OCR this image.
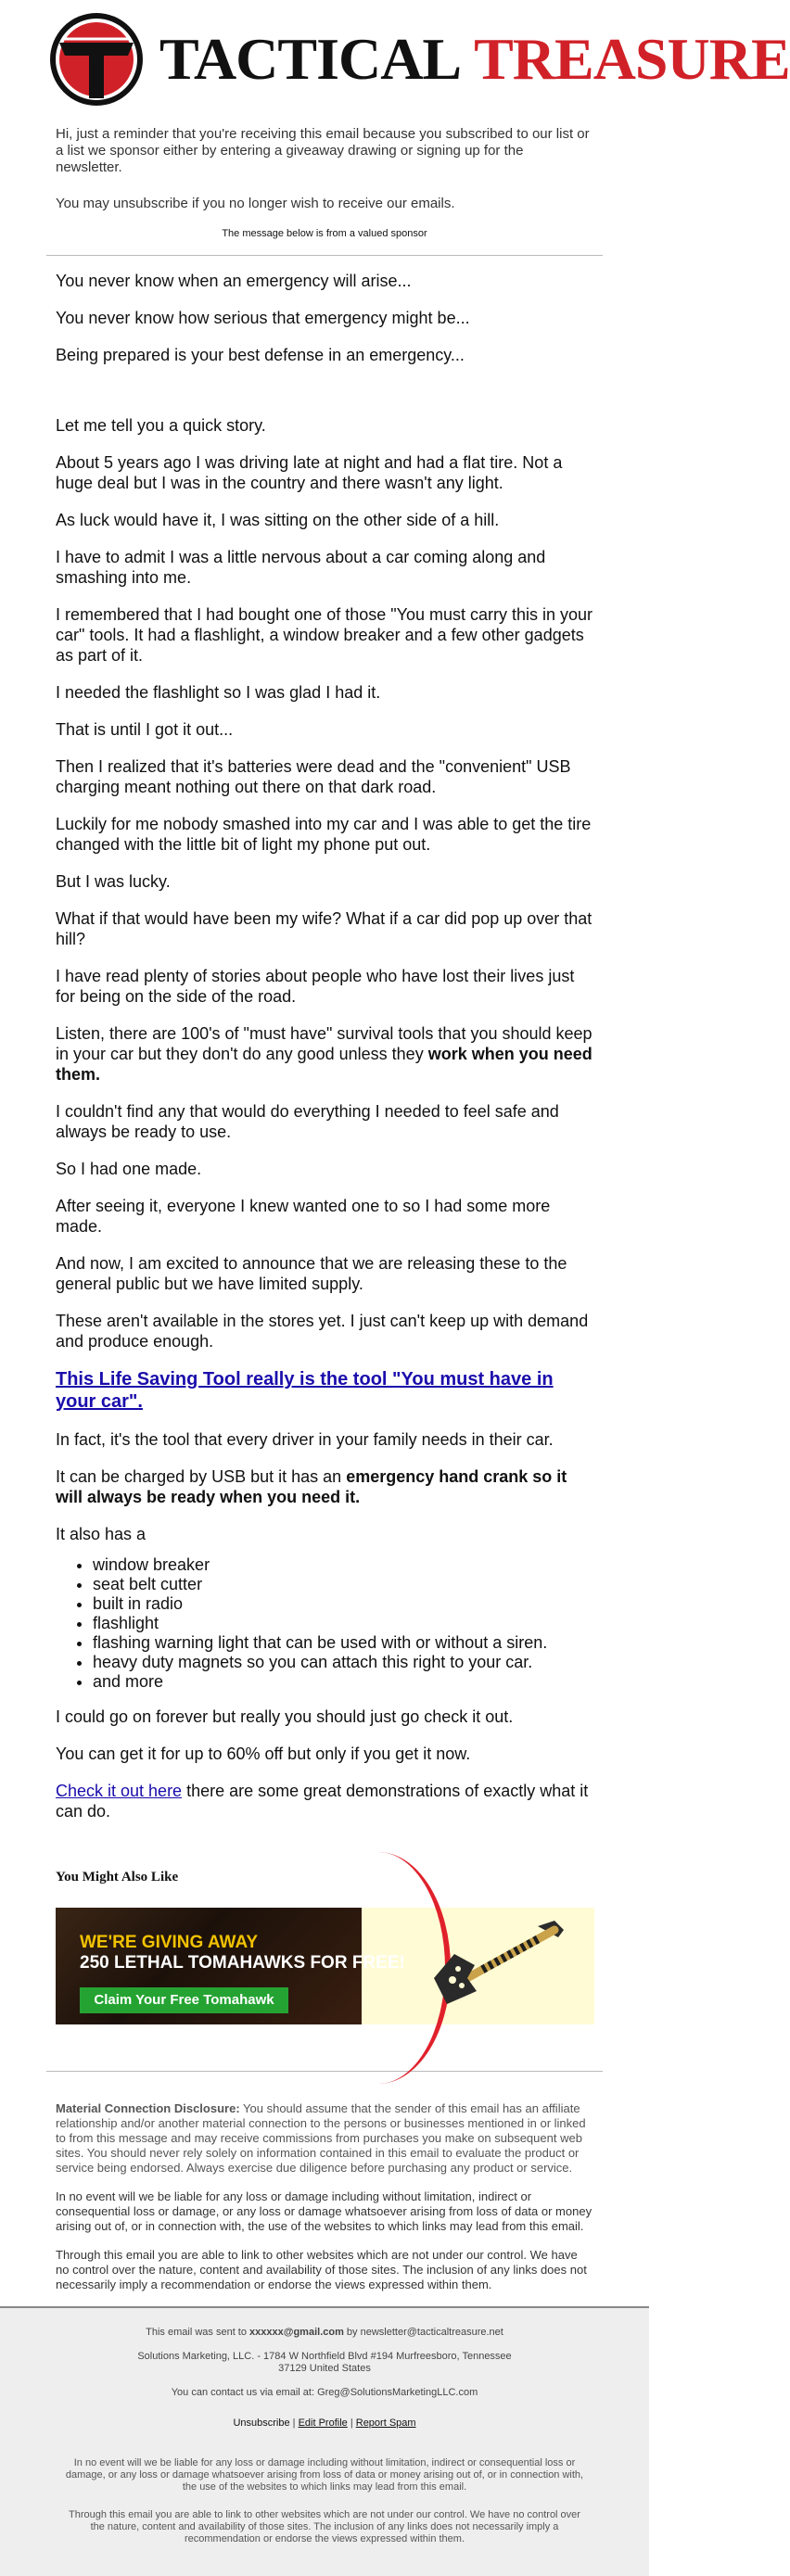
TACTICAL TREASURE

Hi, just a reminder that you're receiving this email because you subscribed to our list or a list we sponsor either by entering a giveaway drawing or signing up for the newsletter.

You may unsubscribe if you no longer wish to receive our emails.

The message below is from a valued sponsor

You never know when an emergency will arise...

You never know how serious that emergency might be...

Being prepared is your best defense in an emergency...

Let me tell you a quick story.

About 5 years ago I was driving late at night and had a flat tire. Not a huge deal but I was in the country and there wasn't any light.

As luck would have it, I was sitting on the other side of a hill.

I have to admit I was a little nervous about a car coming along and smashing into me.

I remembered that I had bought one of those "You must carry this in your car" tools. It had a flashlight, a window breaker and a few other gadgets as part of it.

I needed the flashlight so I was glad I had it.

That is until I got it out...

Then I realized that it's batteries were dead and the "convenient" USB charging meant nothing out there on that dark road.

Luckily for me nobody smashed into my car and I was able to get the tire changed with the little bit of light my phone put out.

But I was lucky.

What if that would have been my wife? What if a car did pop up over that hill?

I have read plenty of stories about people who have lost their lives just for being on the side of the road.

Listen, there are 100's of "must have" survival tools that you should keep in your car but they don't do any good unless they work when you need them.

I couldn't find any that would do everything I needed to feel safe and always be ready to use.

So I had one made.

After seeing it, everyone I knew wanted one to so I had some more made.

And now, I am excited to announce that we are releasing these to the general public but we have limited supply.

These aren't available in the stores yet. I just can't keep up with demand and produce enough.

This Life Saving Tool really is the tool "You must have in your car".

In fact, it's the tool that every driver in your family needs in their car.

It can be charged by USB but it has an emergency hand crank so it will always be ready when you need it.

It also has a

• window breaker
• seat belt cutter
• built in radio
• flashlight
• flashing warning light that can be used with or without a siren.
• heavy duty magnets so you can attach this right to your car.
• and more

I could go on forever but really you should just go check it out.

You can get it for up to 60% off but only if you get it now.

Check it out here there are some great demonstrations of exactly what it can do.

You Might Also Like
WE'RE GIVING AWAY
250 LETHAL TOMAHAWKS FOR FREE!
Claim Your Free Tomahawk

Material Connection Disclosure: You should assume that the sender of this email has an affiliate relationship and/or another material connection to the persons or businesses mentioned in or linked to from this message and may receive commissions from purchases you make on subsequent web sites. You should never rely solely on information contained in this email to evaluate the product or service being endorsed. Always exercise due diligence before purchasing any product or service.

In no event will we be liable for any loss or damage including without limitation, indirect or consequential loss or damage, or any loss or damage whatsoever arising from loss of data or money arising out of, or in connection with, the use of the websites to which links may lead from this email.

Through this email you are able to link to other websites which are not under our control. We have no control over the nature, content and availability of those sites. The inclusion of any links does not necessarily imply a recommendation or endorse the views expressed within them.

This email was sent to xxxxxx@gmail.com by newsletter@tacticaltreasure.net

Solutions Marketing, LLC. - 1784 W Northfield Blvd #194 Murfreesboro, Tennessee
37129 United States

You can contact us via email at: Greg@SolutionsMarketingLLC.com

Unsubscribe | Edit Profile | Report Spam

In no event will we be liable for any loss or damage including without limitation, indirect or consequential loss or damage, or any loss or damage whatsoever arising from loss of data or money arising out of, or in connection with, the use of the websites to which links may lead from this email.

Through this email you are able to link to other websites which are not under our control. We have no control over the nature, content and availability of those sites. The inclusion of any links does not necessarily imply a recommendation or endorse the views expressed within them.
